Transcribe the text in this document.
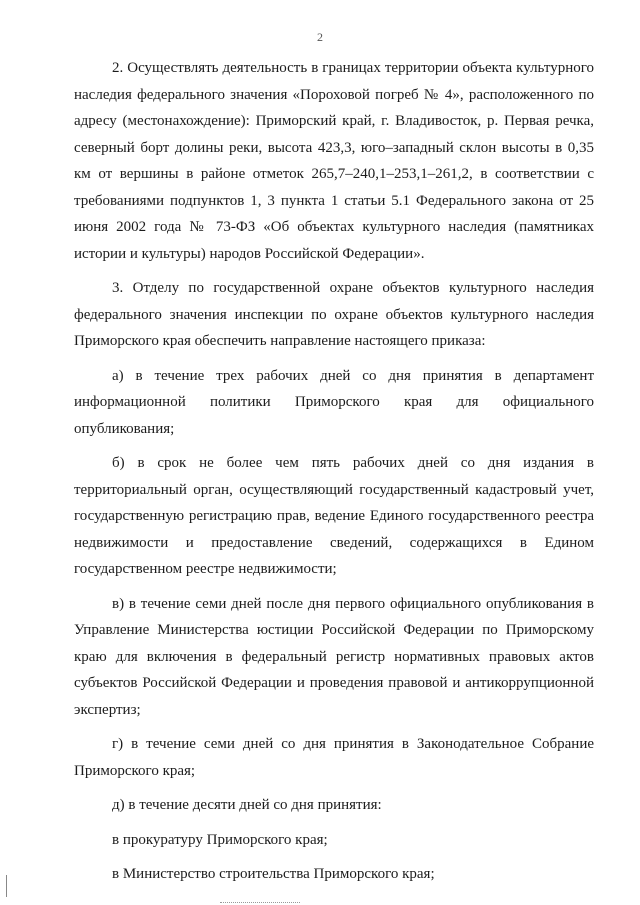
2

2. Осуществлять деятельность в границах территории объекта культурного наследия федерального значения «Пороховой погреб № 4», расположенного по адресу (местонахождение): Приморский край, г. Владивосток, р. Первая речка, северный борт долины реки, высота 423,3, юго–западный склон высоты в 0,35 км от вершины в районе отметок 265,7–240,1–253,1–261,2, в соответствии с требованиями подпунктов 1, 3 пункта 1 статьи 5.1 Федерального закона от 25 июня 2002 года № 73-ФЗ «Об объектах культурного наследия (памятниках истории и культуры) народов Российской Федерации».

3. Отделу по государственной охране объектов культурного наследия федерального значения инспекции по охране объектов культурного наследия Приморского края обеспечить направление настоящего приказа:

а) в течение трех рабочих дней со дня принятия в департамент информационной политики Приморского края для официального опубликования;

б) в срок не более чем пять рабочих дней со дня издания в территориальный орган, осуществляющий государственный кадастровый учет, государственную регистрацию прав, ведение Единого государственного реестра недвижимости и предоставление сведений, содержащихся в Едином государственном реестре недвижимости;

в) в течение семи дней после дня первого официального опубликования в Управление Министерства юстиции Российской Федерации по Приморскому краю для включения в федеральный регистр нормативных правовых актов субъектов Российской Федерации и проведения правовой и антикоррупционной экспертиз;

г) в течение семи дней со дня принятия в Законодательное Собрание Приморского края;

д) в течение десяти дней со дня принятия:

в прокуратуру Приморского края;

в Министерство строительства Приморского края;
